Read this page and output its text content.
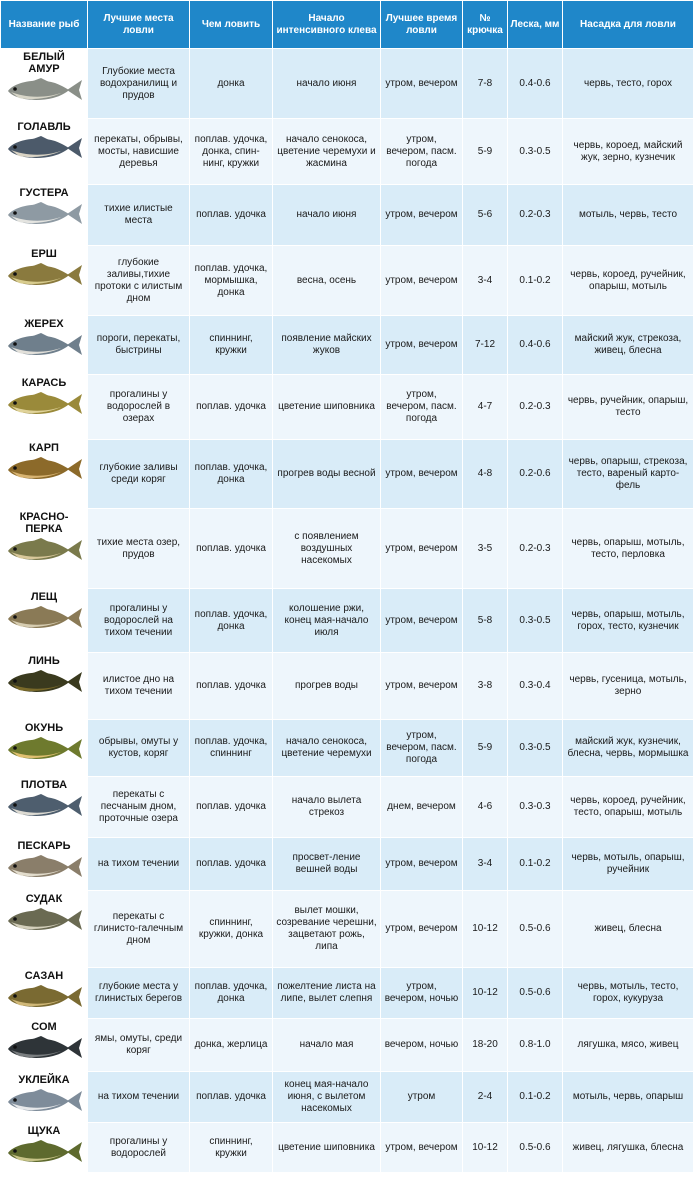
Название рыб	Лучшие места ловли	Чем ловить	Начало интенсивного клева	Лучшее время ловли	№ крючка	Леска, мм	Насадка для ловли

БЕЛЫЙ
АМУР	Глубокие места водохранилищ и прудов	донка	начало июня	утром, вечером	7-8	0.4-0.6	червь, тесто, горох

ГОЛАВЛЬ	перекаты, обрывы, мосты, нависшие деревья	поплав. удочка, донка, спин-нинг, кружки	начало сенокоса, цветение черемухи и жасмина	утром, вечером, пасм. погода	5-9	0.3-0.5	червь, короед, майский жук, зерно, кузнечик

ГУСТЕРА	тихие илистые места	поплав. удочка	начало июня	утром, вечером	5-6	0.2-0.3	мотыль, червь, тесто

ЕРШ	глубокие заливы,тихие протоки с илистым дном	поплав. удочка, мормышка, донка	весна, осень	утром, вечером	3-4	0.1-0.2	червь, короед, ручейник, опарыш, мотыль

ЖЕРЕХ	пороги, перекаты, быстрины	спиннинг, кружки	появление майских жуков	утром, вечером	7-12	0.4-0.6	майский жук, стрекоза, живец, блесна

КАРАСЬ	прогалины у водорослей в озерах	поплав. удочка	цветение шиповника	утром, вечером, пасм. погода	4-7	0.2-0.3	червь, ручейник, опарыш, тесто

КАРП	глубокие заливы среди коряг	поплав. удочка, донка	прогрев воды весной	утром, вечером	4-8	0.2-0.6	червь, опарыш, стрекоза, тесто, вареный карто-фель

КРАСНО-
ПЕРКА	тихие места озер, прудов	поплав. удочка	с появлением воздушных насекомых	утром, вечером	3-5	0.2-0.3	червь, опарыш, мотыль, тесто, перловка

ЛЕЩ	прогалины у водорослей на тихом течении	поплав. удочка, донка	колошение ржи, конец мая-начало июля	утром, вечером	5-8	0.3-0.5	червь, опарыш, мотыль, горох, тесто, кузнечик

ЛИНЬ	илистое дно на тихом течении	поплав. удочка	прогрев воды	утром, вечером	3-8	0.3-0.4	червь, гусеница, мотыль, зерно

ОКУНЬ	обрывы, омуты у кустов, коряг	поплав. удочка, спиннинг	начало сенокоса, цветение черемухи	утром, вечером, пасм. погода	5-9	0.3-0.5	майский жук, кузнечик, блесна, червь, мормышка

ПЛОТВА	перекаты с песчаным дном, проточные озера	поплав. удочка	начало вылета стрекоз	днем, вечером	4-6	0.3-0.3	червь, короед, ручейник, тесто, опарыш, мотыль

ПЕСКАРЬ	на тихом течении	поплав. удочка	просвет-ление вешней воды	утром, вечером	3-4	0.1-0.2	червь, мотыль, опарыш, ручейник

СУДАК	перекаты с глинисто-галечным дном	спиннинг, кружки, донка	вылет мошки, созревание черешни, зацветают рожь, липа	утром, вечером	10-12	0.5-0.6	живец, блесна

САЗАН	глубокие места у глинистых берегов	поплав. удочка, донка	пожелтение листа на липе, вылет слепня	утром, вечером, ночью	10-12	0.5-0.6	червь, мотыль, тесто, горох, кукуруза

СОМ	ямы, омуты, среди коряг	донка, жерлица	начало мая	вечером, ночью	18-20	0.8-1.0	лягушка, мясо, живец

УКЛЕЙКА	на тихом течении	поплав. удочка	конец мая-начало июня, с вылетом насекомых	утром	2-4	0.1-0.2	мотыль, червь, опарыш

ЩУКА	прогалины у водорослей	спиннинг, кружки	цветение шиповника	утром, вечером	10-12	0.5-0.6	живец, лягушка, блесна
